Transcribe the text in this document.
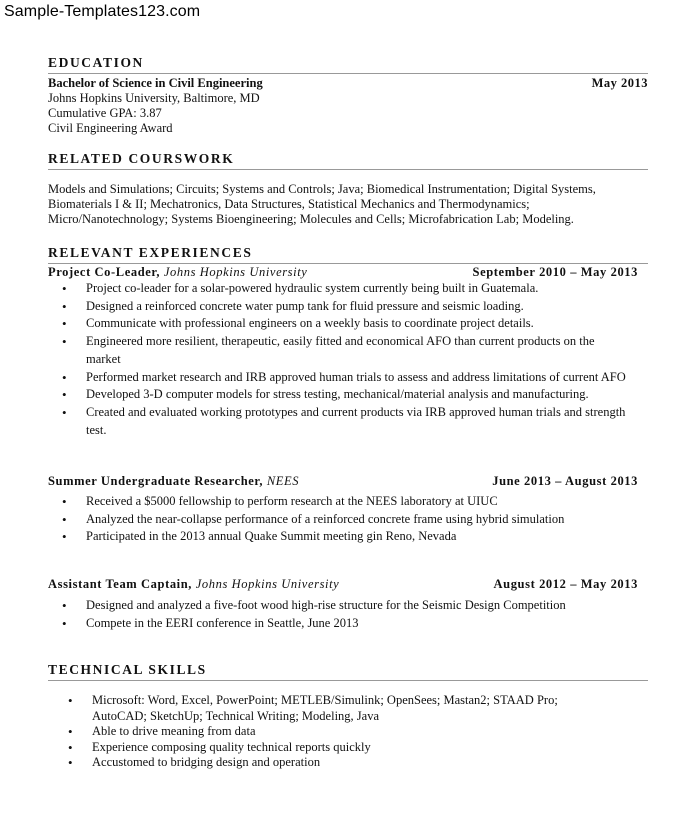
Sample-Templates123.com
EDUCATION
Bachelor of Science in Civil Engineering	May 2013
Johns Hopkins University, Baltimore, MD
Cumulative GPA: 3.87
Civil Engineering Award
RELATED COURSWORK
Models and Simulations; Circuits; Systems and Controls; Java; Biomedical Instrumentation; Digital Systems,
Biomaterials I & II; Mechatronics, Data Structures, Statistical Mechanics and Thermodynamics;
Micro/Nanotechnology; Systems Bioengineering; Molecules and Cells; Microfabrication Lab; Modeling.
RELEVANT EXPERIENCES
Project Co-Leader, Johns Hopkins University	September 2010 – May 2013
• Project co-leader for a solar-powered hydraulic system currently being built in Guatemala.
• Designed a reinforced concrete water pump tank for fluid pressure and seismic loading.
• Communicate with professional engineers on a weekly basis to coordinate project details.
• Engineered more resilient, therapeutic, easily fitted and economical AFO than current products on the market
• Performed market research and IRB approved human trials to assess and address limitations of current AFO
• Developed 3-D computer models for stress testing, mechanical/material analysis and manufacturing.
• Created and evaluated working prototypes and current products via IRB approved human trials and strength test.
Summer Undergraduate Researcher, NEES	June 2013 – August 2013
• Received a $5000 fellowship to perform research at the NEES laboratory at UIUC
• Analyzed the near-collapse performance of a reinforced concrete frame using hybrid simulation
• Participated in the 2013 annual Quake Summit meeting gin Reno, Nevada
Assistant Team Captain, Johns Hopkins University	August 2012 – May 2013
• Designed and analyzed a five-foot wood high-rise structure for the Seismic Design Competition
• Compete in the EERI conference in Seattle, June 2013
TECHNICAL SKILLS
• Microsoft: Word, Excel, PowerPoint; METLEB/Simulink; OpenSees; Mastan2; STAAD Pro; AutoCAD; SketchUp; Technical Writing; Modeling, Java
• Able to drive meaning from data
• Experience composing quality technical reports quickly
• Accustomed to bridging design and operation
